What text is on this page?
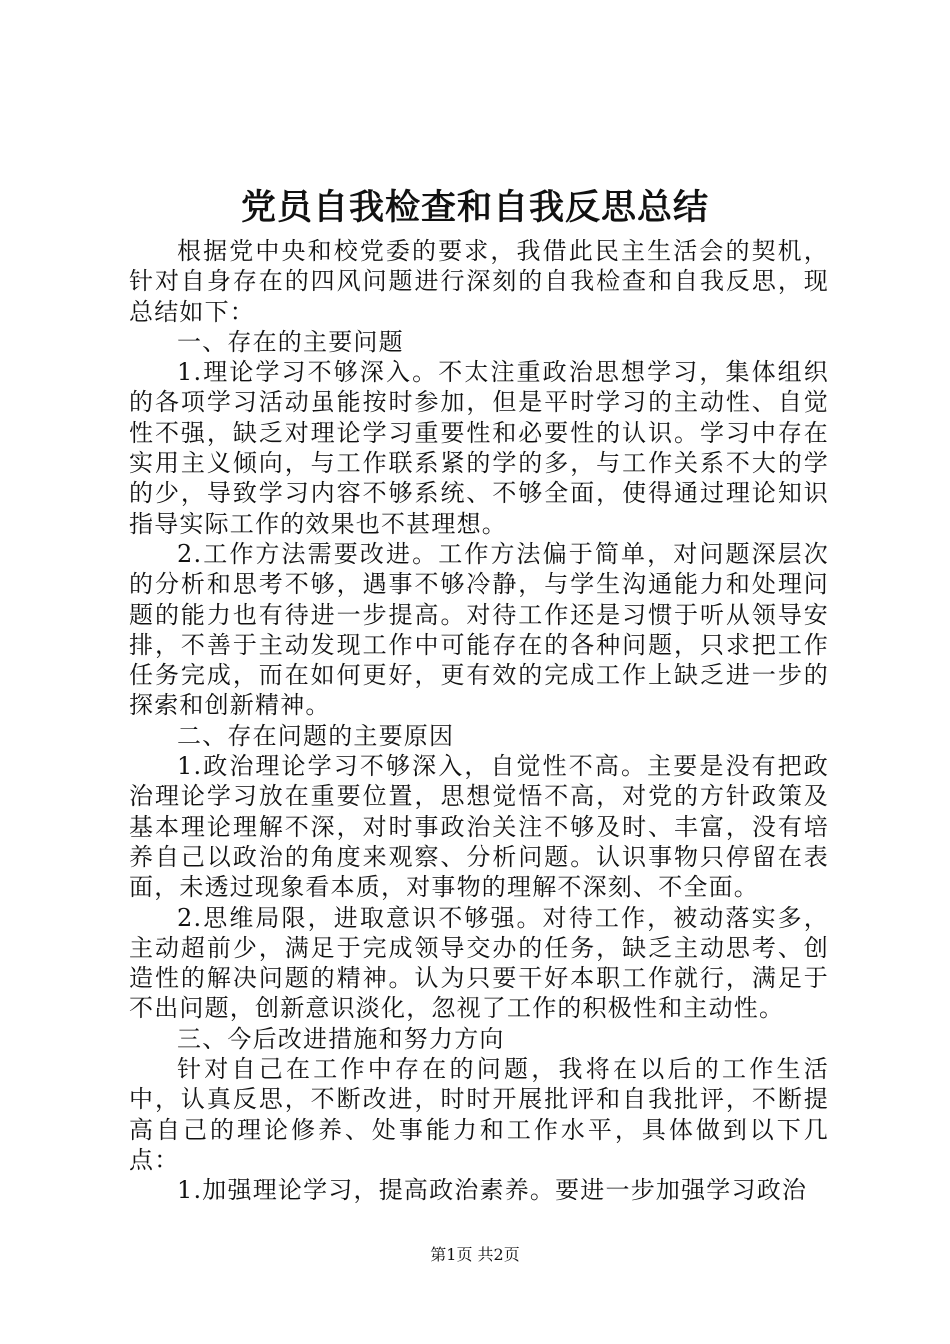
党员自我检查和自我反思总结

根据党中央和校党委的要求，我借此民主生活会的契机，针对自身存在的四风问题进行深刻的自我检查和自我反思，现总结如下：

一、存在的主要问题

1.理论学习不够深入。不太注重政治思想学习，集体组织的各项学习活动虽能按时参加，但是平时学习的主动性、自觉性不强，缺乏对理论学习重要性和必要性的认识。学习中存在实用主义倾向，与工作联系紧的学的多，与工作关系不大的学的少，导致学习内容不够系统、不够全面，使得通过理论知识指导实际工作的效果也不甚理想。

2.工作方法需要改进。工作方法偏于简单，对问题深层次的分析和思考不够，遇事不够冷静，与学生沟通能力和处理问题的能力也有待进一步提高。对待工作还是习惯于听从领导安排，不善于主动发现工作中可能存在的各种问题，只求把工作任务完成，而在如何更好，更有效的完成工作上缺乏进一步的探索和创新精神。

二、存在问题的主要原因

1.政治理论学习不够深入，自觉性不高。主要是没有把政治理论学习放在重要位置，思想觉悟不高，对党的方针政策及基本理论理解不深，对时事政治关注不够及时、丰富，没有培养自己以政治的角度来观察、分析问题。认识事物只停留在表面，未透过现象看本质，对事物的理解不深刻、不全面。

2.思维局限，进取意识不够强。对待工作，被动落实多，主动超前少，满足于完成领导交办的任务，缺乏主动思考、创造性的解决问题的精神。认为只要干好本职工作就行，满足于不出问题，创新意识淡化，忽视了工作的积极性和主动性。

三、今后改进措施和努力方向

针对自己在工作中存在的问题，我将在以后的工作生活中，认真反思，不断改进，时时开展批评和自我批评，不断提高自己的理论修养、处事能力和工作水平，具体做到以下几点：

1.加强理论学习，提高政治素养。要进一步加强学习政治

第1页 共2页
